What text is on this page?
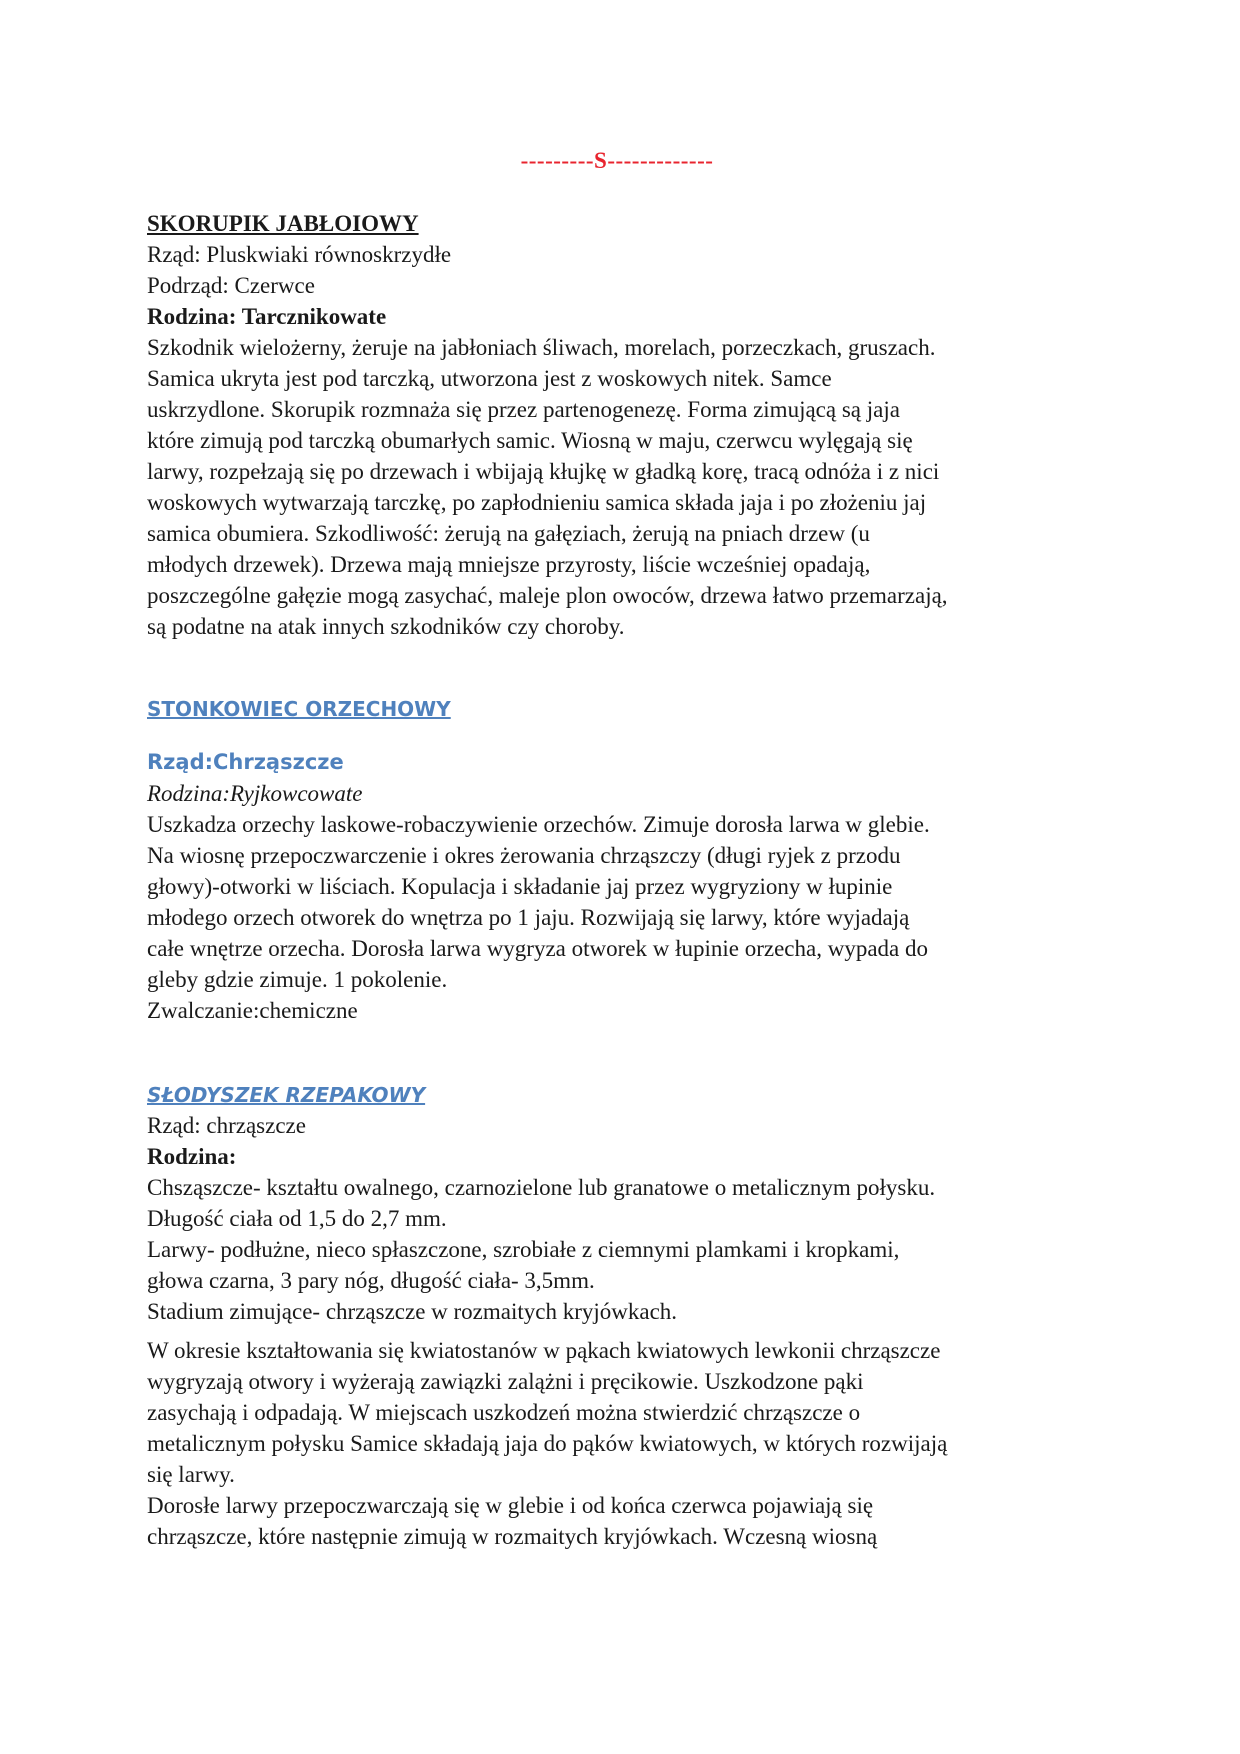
---------S-------------
SKORUPIK JABŁOIOWY
Rząd: Pluskwiaki równoskrzydłe
Podrząd: Czerwce
Rodzina: Tarcznikowate
Szkodnik wielożerny, żeruje na jabłoniach śliwach, morelach, porzeczkach, gruszach.
Samica ukryta jest pod tarczką, utworzona jest z woskowych nitek. Samce
uskrzydlone. Skorupik rozmnaża się przez partenogenezę. Forma zimującą są jaja
które zimują pod tarczką obumarłych samic. Wiosną w maju, czerwcu wylęgają się
larwy, rozpełzają się po drzewach i wbijają kłujkę w gładką korę, tracą odnóża i z nici
woskowych wytwarzają tarczkę, po zapłodnieniu samica składa jaja i po złożeniu jaj
samica obumiera. Szkodliwość: żerują na gałęziach, żerują na pniach drzew (u
młodych drzewek). Drzewa mają mniejsze przyrosty, liście wcześniej opadają,
poszczególne gałęzie mogą zasychać, maleje plon owoców, drzewa łatwo przemarzają,
są podatne na atak innych szkodników czy choroby.
STONKOWIEC ORZECHOWY
Rząd:Chrząszcze
Rodzina:Ryjkowcowate
Uszkadza orzechy laskowe-robaczywienie orzechów. Zimuje dorosła larwa w glebie.
Na wiosnę przepoczwarczenie i okres żerowania chrząszczy (długi ryjek z przodu
głowy)-otworki w liściach. Kopulacja i składanie jaj przez wygryziony w łupinie
młodego orzech otworek do wnętrza po 1 jaju. Rozwijają się larwy, które wyjadają
całe wnętrze orzecha. Dorosła larwa wygryza otworek w łupinie orzecha, wypada do
gleby gdzie zimuje. 1 pokolenie.
Zwalczanie:chemiczne
SŁODYSZEK RZEPAKOWY
Rząd: chrząszcze
Rodzina:
Chsząszcze- kształtu owalnego, czarnozielone lub granatowe o metalicznym połysku.
Długość ciała od 1,5 do 2,7 mm.
Larwy- podłużne, nieco spłaszczone, szrobiałe z ciemnymi plamkami i kropkami,
głowa czarna, 3 pary nóg, długość ciała- 3,5mm.
Stadium zimujące- chrząszcze w rozmaitych kryjówkach.
W okresie kształtowania się kwiatostanów w pąkach kwiatowych lewkonii chrząszcze
wygryzają otwory i wyżerają zawiązki zalążni i pręcikowie. Uszkodzone pąki
zasychają i odpadają. W miejscach uszkodzeń można stwierdzić chrząszcze o
metalicznym połysku Samice składają jaja do pąków kwiatowych, w których rozwijają
się larwy.
Dorosłe larwy przepoczwarczają się w glebie i od końca czerwca pojawiają się
chrząszcze, które następnie zimują w rozmaitych kryjówkach. Wczesną wiosną
